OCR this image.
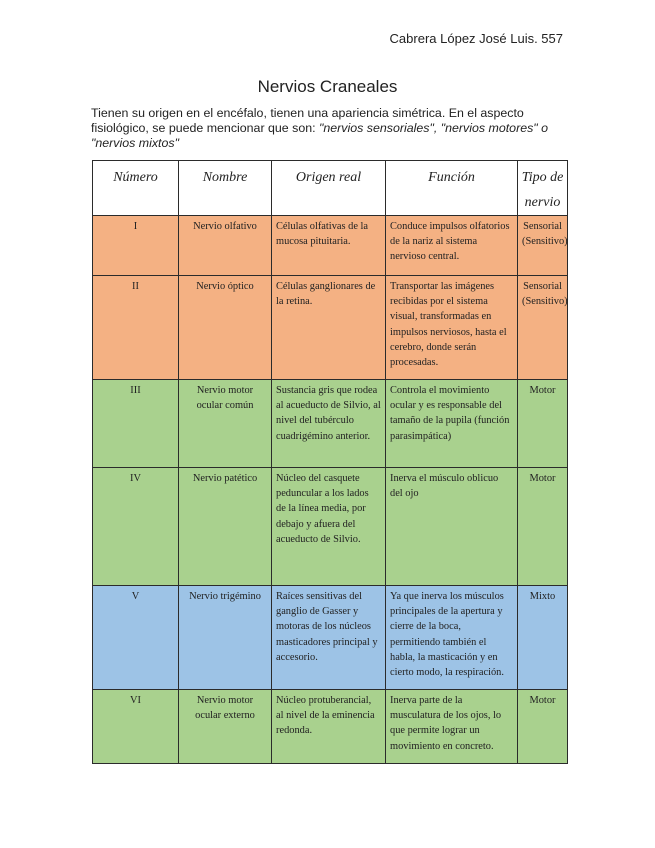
Cabrera López José Luis. 557
Nervios Craneales

Tienen su origen en el encéfalo, tienen una apariencia simétrica. En el aspecto fisiológico, se puede mencionar que son: "nervios sensoriales", "nervios motores" o "nervios mixtos"

Número	Nombre	Origen real	Función	Tipo de nervio
I	Nervio olfativo	Células olfativas de la mucosa pituitaria.	Conduce impulsos olfatorios de la nariz al sistema nervioso central.	Sensorial (Sensitivo)
II	Nervio óptico	Células ganglionares de la retina.	Transportar las imágenes recibidas por el sistema visual, transformadas en impulsos nerviosos, hasta el cerebro, donde serán procesadas.	Sensorial (Sensitivo)
III	Nervio motor ocular común	Sustancia gris que rodea al acueducto de Silvio, al nivel del tubérculo cuadrigémino anterior.	Controla el movimiento ocular y es responsable del tamaño de la pupila (función parasimpática)	Motor
IV	Nervio patético	Núcleo del casquete peduncular a los lados de la línea media, por debajo y afuera del acueducto de Silvio.	Inerva el músculo oblicuo del ojo	Motor
V	Nervio trigémino	Raíces sensitivas del ganglio de Gasser y motoras de los núcleos masticadores principal y accesorio.	Ya que inerva los músculos principales de la apertura y cierre de la boca, permitiendo también el habla, la masticación y en cierto modo, la respiración.	Mixto
VI	Nervio motor ocular externo	Núcleo protuberancial, al nivel de la eminencia redonda.	Inerva parte de la musculatura de los ojos, lo que permite lograr un movimiento en concreto.	Motor
